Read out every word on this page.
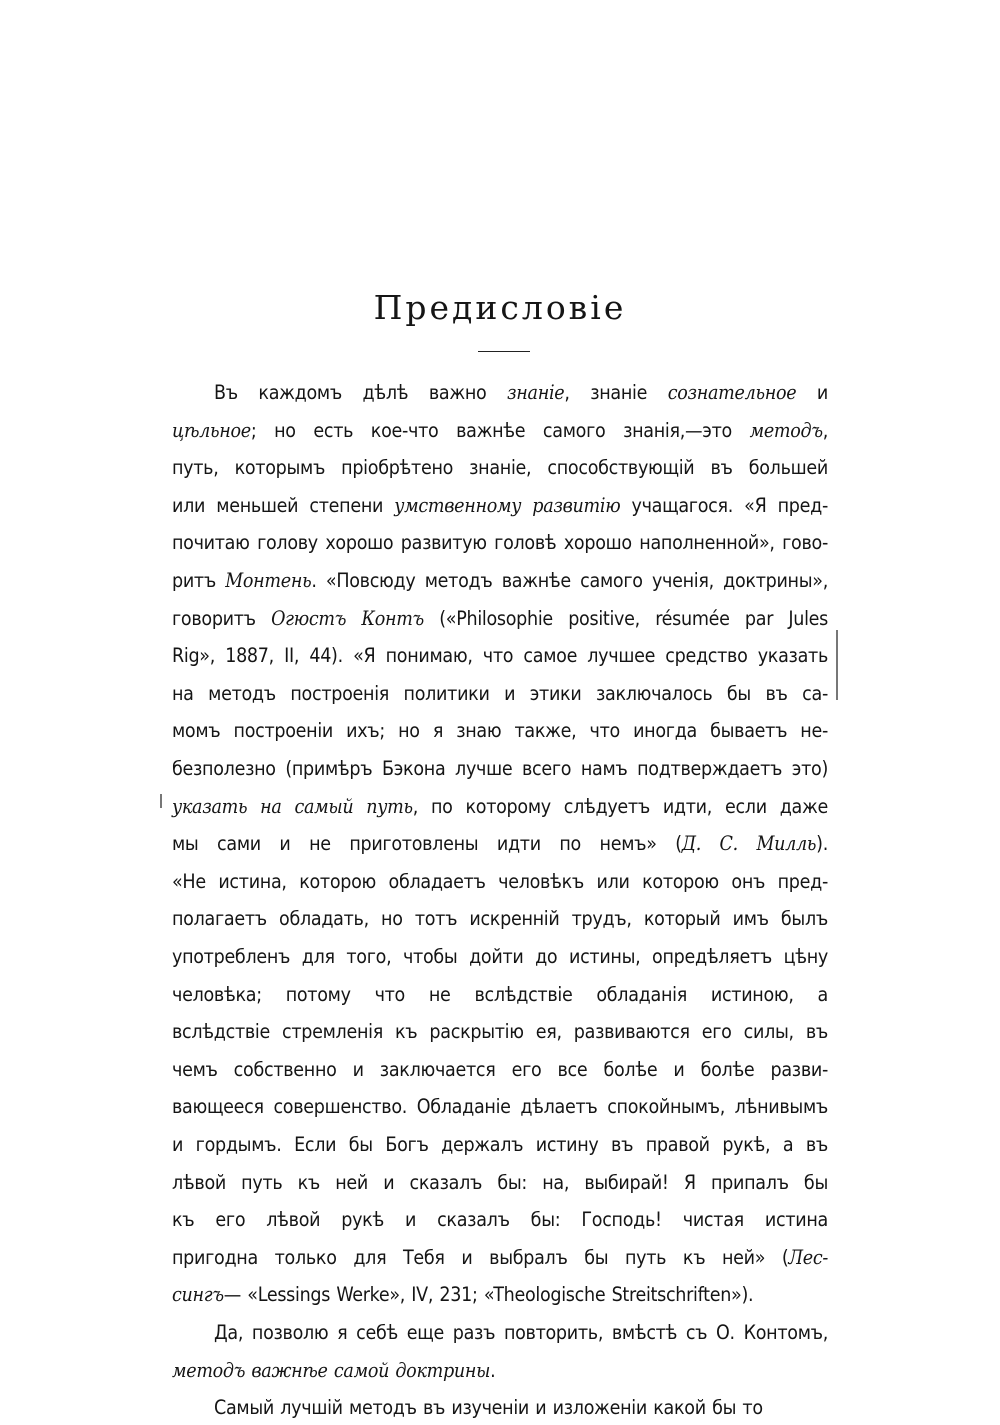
Предисловіе
Въ каждомъ дѣлѣ важно знаніе, знаніе сознательное и
цѣльное; но есть кое-что важнѣе самого знанія,—это методъ,
путь, которымъ пріобрѣтено знаніе, способствующій въ большей
или меньшей степени умственному развитію учащагося. «Я пред-
почитаю голову хорошо развитую головѣ хорошо наполненной», гово-
ритъ Монтень. «Повсюду методъ важнѣе самого ученія, доктрины»,
говоритъ Огюстъ Контъ («Philosophie positive, résumée par Jules
Rig», 1887, II, 44). «Я понимаю, что самое лучшее средство указать
на методъ построенія политики и этики заключалось бы въ са-
момъ построеніи ихъ; но я знаю также, что иногда бываетъ не-
безполезно (примѣръ Бэкона лучше всего намъ подтверждаетъ это)
указать на самый путь, по которому слѣдуетъ идти, если даже
мы сами и не приготовлены идти по немъ» (Д. С. Милль).
«Не истина, которою обладаетъ человѣкъ или которою онъ пред-
полагаетъ обладать, но тотъ искренній трудъ, который имъ былъ
употребленъ для того, чтобы дойти до истины, опредѣляетъ цѣну
человѣка; потому что не вслѣдствіе обладанія истиною, а
вслѣдствіе стремленія къ раскрытію ея, развиваются его силы, въ
чемъ собственно и заключается его все болѣе и болѣе разви-
вающееся совершенство. Обладаніе дѣлаетъ спокойнымъ, лѣнивымъ
и гордымъ. Если бы Богъ держалъ истину въ правой рукѣ, а въ
лѣвой путь къ ней и сказалъ бы: на, выбирай! Я припалъ бы
къ его лѣвой рукѣ и сказалъ бы: Господь! чистая истина
пригодна только для Тебя и выбралъ бы путь къ ней» (Лес-
сингъ— «Lessings Werke», IV, 231; «Theologische Streitschriften»).
Да, позволю я себѣ еще разъ повторить, вмѣстѣ съ О. Контомъ,
методъ важнѣе самой доктрины.
Самый лучшій методъ въ изученіи и изложеніи какой бы то
